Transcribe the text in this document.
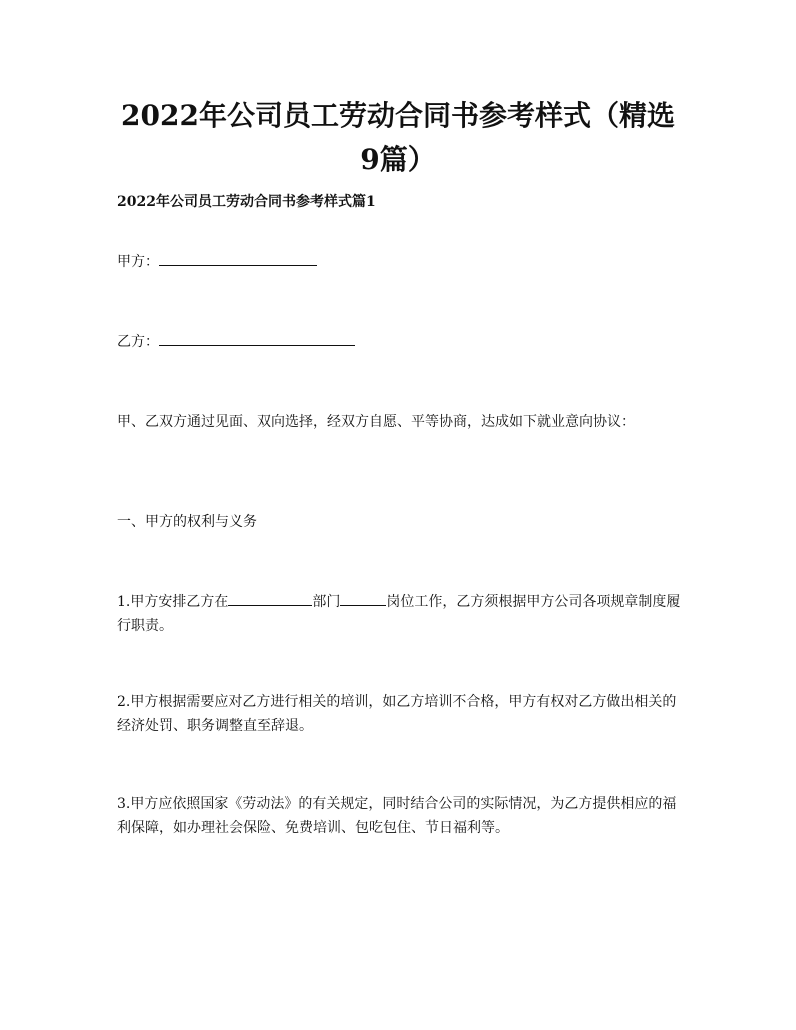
2022年公司员工劳动合同书参考样式（精选
9篇）

2022年公司员工劳动合同书参考样式篇1

甲方：

乙方：

甲、乙双方通过见面、双向选择，经双方自愿、平等协商，达成如下就业意向协议：

一、甲方的权利与义务

1.甲方安排乙方在	部门	岗位工作，乙方须根据甲方公司各项规章制度履行职责。

2.甲方根据需要应对乙方进行相关的培训，如乙方培训不合格，甲方有权对乙方做出相关的经济处罚、职务调整直至辞退。

3.甲方应依照国家《劳动法》的有关规定，同时结合公司的实际情况，为乙方提供相应的福利保障，如办理社会保险、免费培训、包吃包住、节日福利等。
